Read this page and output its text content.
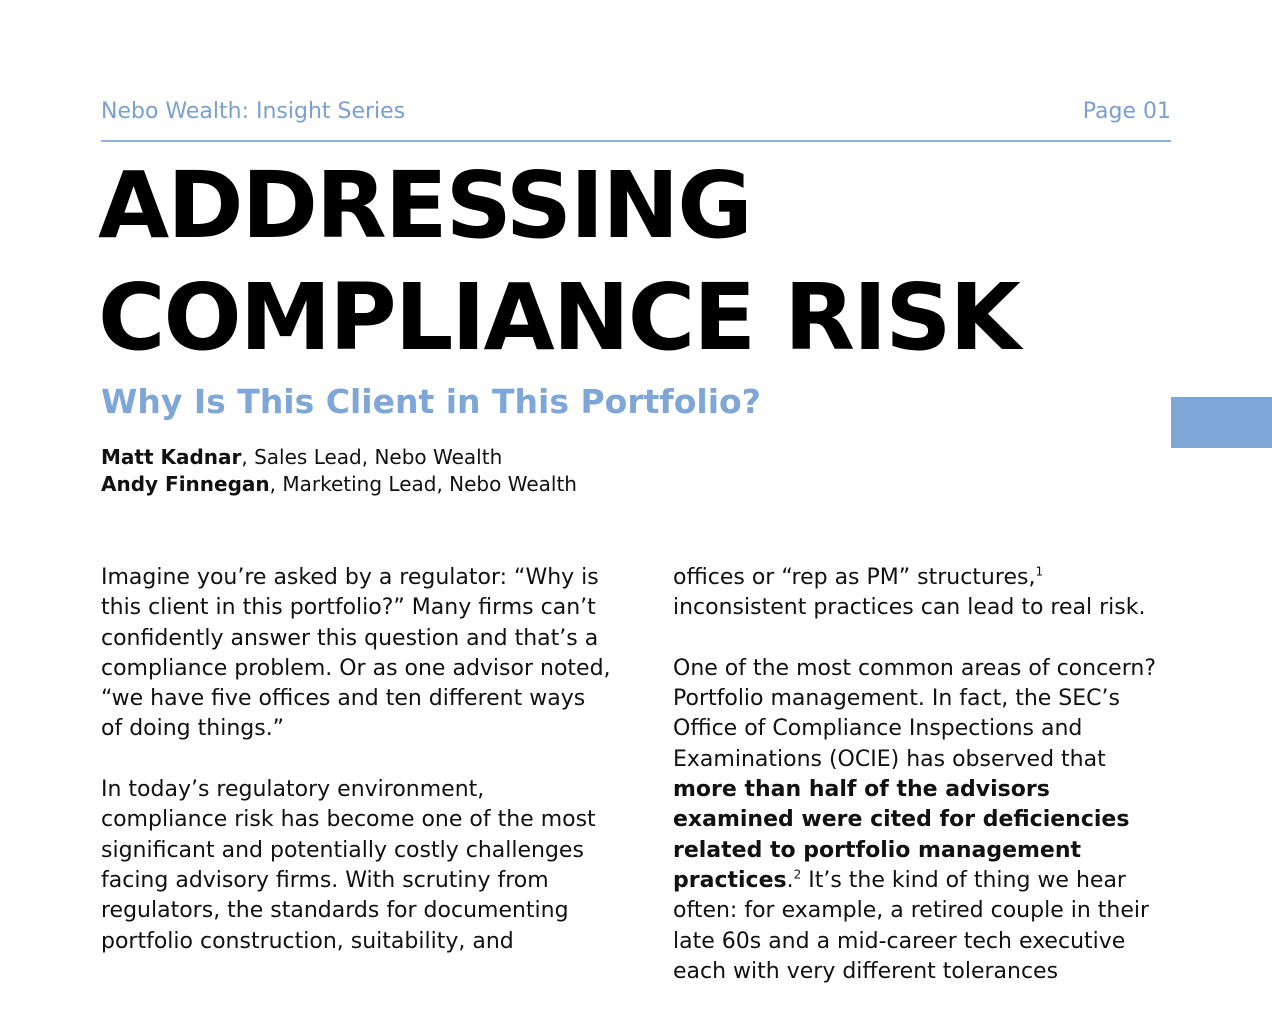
Nebo Wealth: Insight Series	Page 01
ADDRESSING
COMPLIANCE RISK
Why Is This Client in This Portfolio?
Matt Kadnar, Sales Lead, Nebo Wealth
Andy Finnegan, Marketing Lead, Nebo Wealth

Imagine you’re asked by a regulator: “Why is this client in this portfolio?” Many firms can’t confidently answer this question and that’s a compliance problem. Or as one advisor noted, “we have five offices and ten different ways of doing things.”

In today’s regulatory environment, compliance risk has become one of the most significant and potentially costly challenges facing advisory firms. With scrutiny from regulators, the standards for documenting portfolio construction, suitability, and

offices or “rep as PM” structures,$^1$ inconsistent practices can lead to real risk.

One of the most common areas of concern? Portfolio management. In fact, the SEC’s Office of Compliance Inspections and Examinations (OCIE) has observed that more than half of the advisors examined were cited for deficiencies related to portfolio management practices.$^2$ It’s the kind of thing we hear often: for example, a retired couple in their late 60s and a mid-career tech executive each with very different tolerances
